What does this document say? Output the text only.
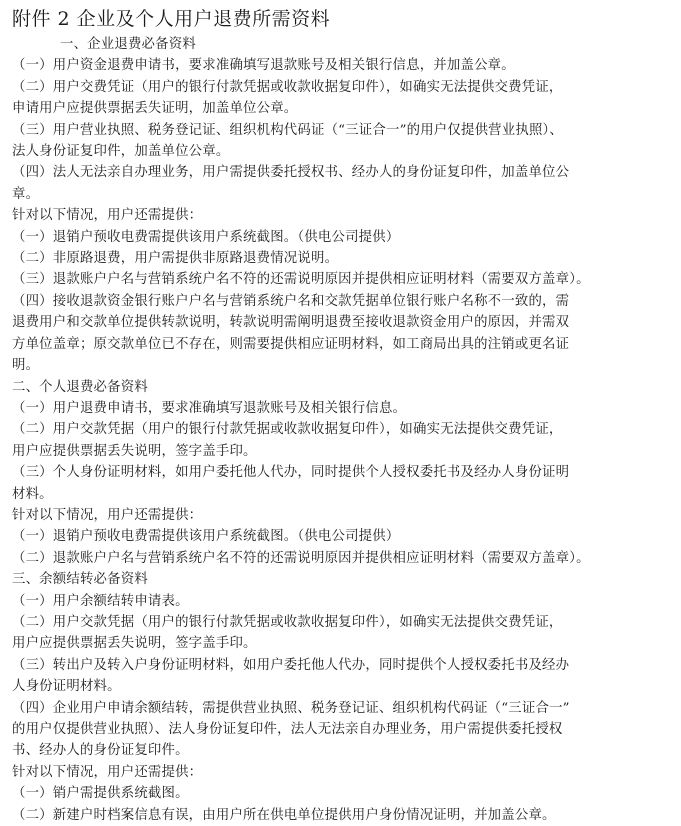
附件 2 企业及个人用户退费所需资料
一、企业退费必备资料
（一）用户资金退费申请书，要求准确填写退款账号及相关银行信息，并加盖公章。
（二）用户交费凭证（用户的银行付款凭据或收款收据复印件），如确实无法提供交费凭证，
申请用户应提供票据丢失证明，加盖单位公章。
（三）用户营业执照、税务登记证、组织机构代码证（“三证合一”的用户仅提供营业执照）、
法人身份证复印件，加盖单位公章。
（四）法人无法亲自办理业务，用户需提供委托授权书、经办人的身份证复印件，加盖单位公
章。
针对以下情况，用户还需提供：
（一）退销户预收电费需提供该用户系统截图。（供电公司提供）
（二）非原路退费，用户需提供非原路退费情况说明。
（三）退款账户户名与营销系统户名不符的还需说明原因并提供相应证明材料（需要双方盖章）。
（四）接收退款资金银行账户户名与营销系统户名和交款凭据单位银行账户名称不一致的，需
退费用户和交款单位提供转款说明，转款说明需阐明退费至接收退款资金用户的原因，并需双
方单位盖章；原交款单位已不存在，则需要提供相应证明材料，如工商局出具的注销或更名证
明。
二、个人退费必备资料
（一）用户退费申请书，要求准确填写退款账号及相关银行信息。
（二）用户交款凭据（用户的银行付款凭据或收款收据复印件），如确实无法提供交费凭证，
用户应提供票据丢失说明，签字盖手印。
（三）个人身份证明材料，如用户委托他人代办，同时提供个人授权委托书及经办人身份证明
材料。
针对以下情况，用户还需提供：
（一）退销户预收电费需提供该用户系统截图。（供电公司提供）
（二）退款账户户名与营销系统户名不符的还需说明原因并提供相应证明材料（需要双方盖章）。
三、余额结转必备资料
（一）用户余额结转申请表。
（二）用户交款凭据（用户的银行付款凭据或收款收据复印件），如确实无法提供交费凭证，
用户应提供票据丢失说明，签字盖手印。
（三）转出户及转入户身份证明材料，如用户委托他人代办，同时提供个人授权委托书及经办
人身份证明材料。
（四）企业用户申请余额结转，需提供营业执照、税务登记证、组织机构代码证（“三证合一”
的用户仅提供营业执照）、法人身份证复印件，法人无法亲自办理业务，用户需提供委托授权
书、经办人的身份证复印件。
针对以下情况，用户还需提供：
（一）销户需提供系统截图。
（二）新建户时档案信息有误，由用户所在供电单位提供用户身份情况证明，并加盖公章。
